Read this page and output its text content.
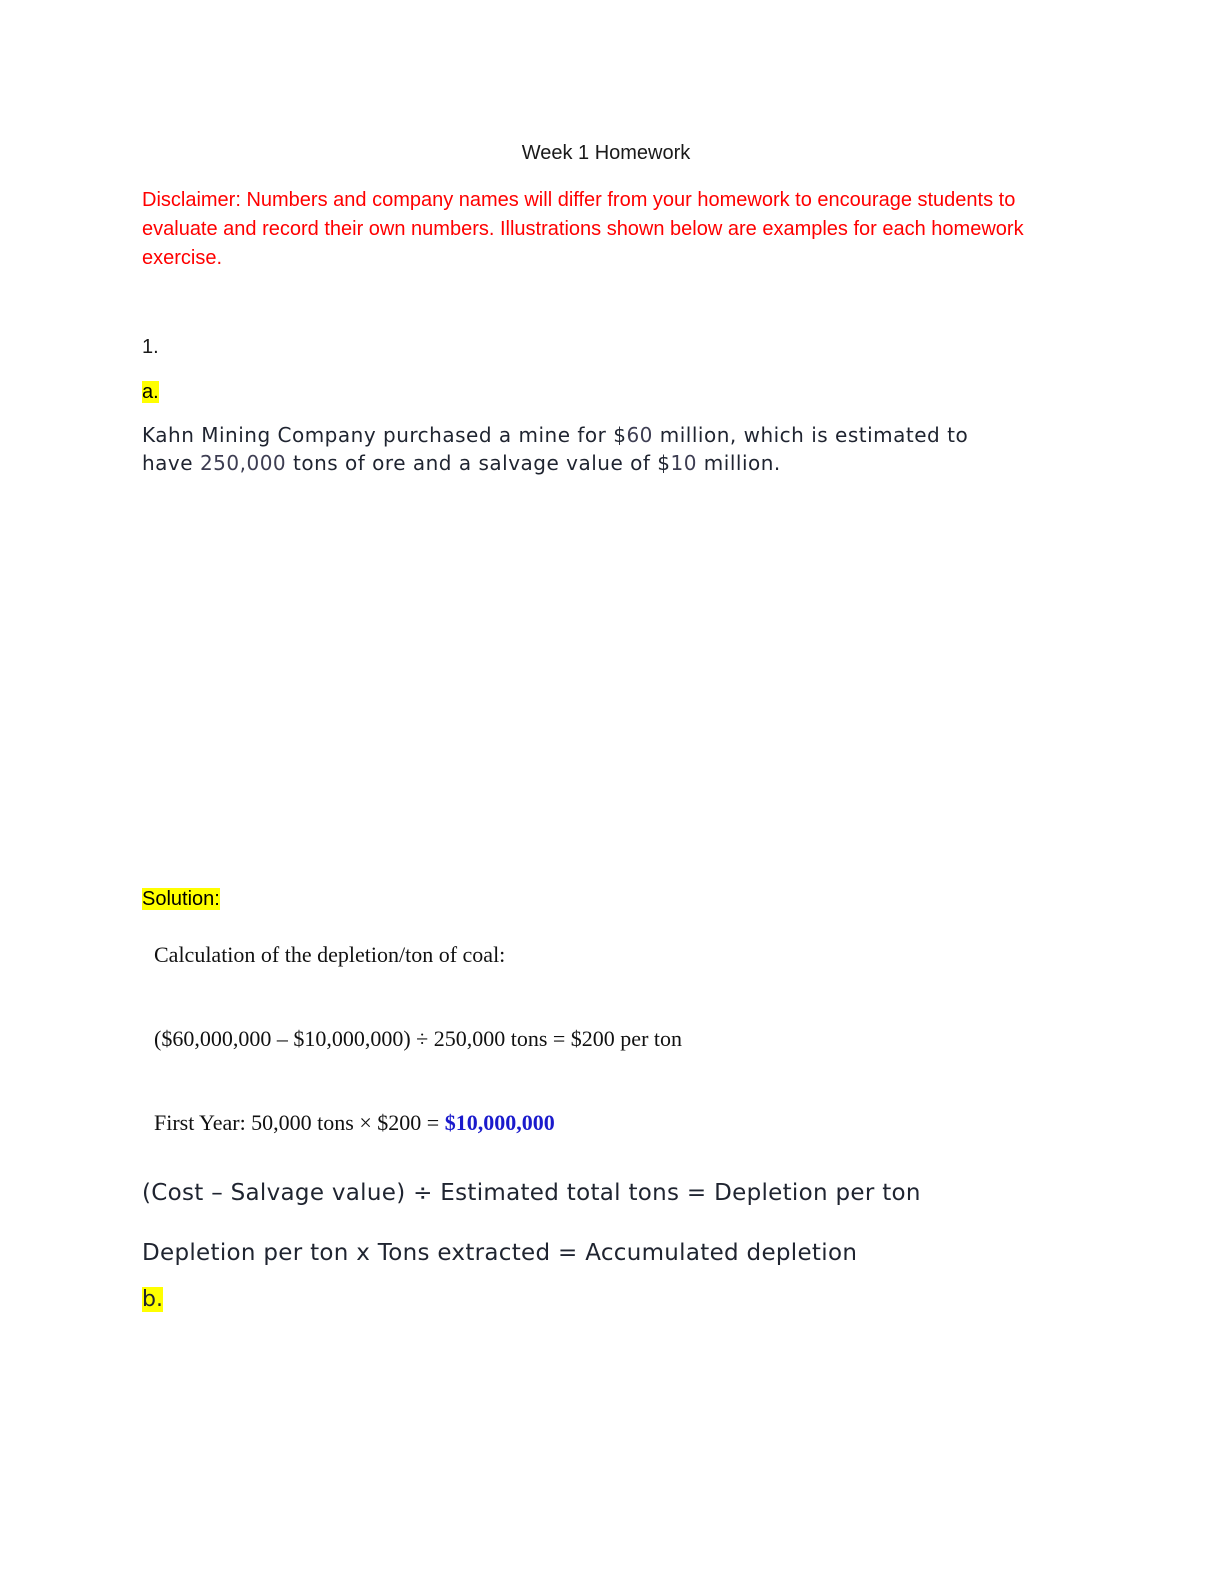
Week 1 Homework
Disclaimer: Numbers and company names will differ from your homework to encourage students to evaluate and record their own numbers. Illustrations shown below are examples for each homework exercise.
1.
a.
Kahn Mining Company purchased a mine for $60 million, which is estimated to
have 250,000 tons of ore and a salvage value of $10 million.
Solution:
Calculation of the depletion/ton of coal:
($60,000,000 – $10,000,000) ÷ 250,000 tons = $200 per ton
First Year: 50,000 tons × $200 = $10,000,000
(Cost – Salvage value) ÷ Estimated total tons = Depletion per ton
Depletion per ton x Tons extracted = Accumulated depletion
b.
